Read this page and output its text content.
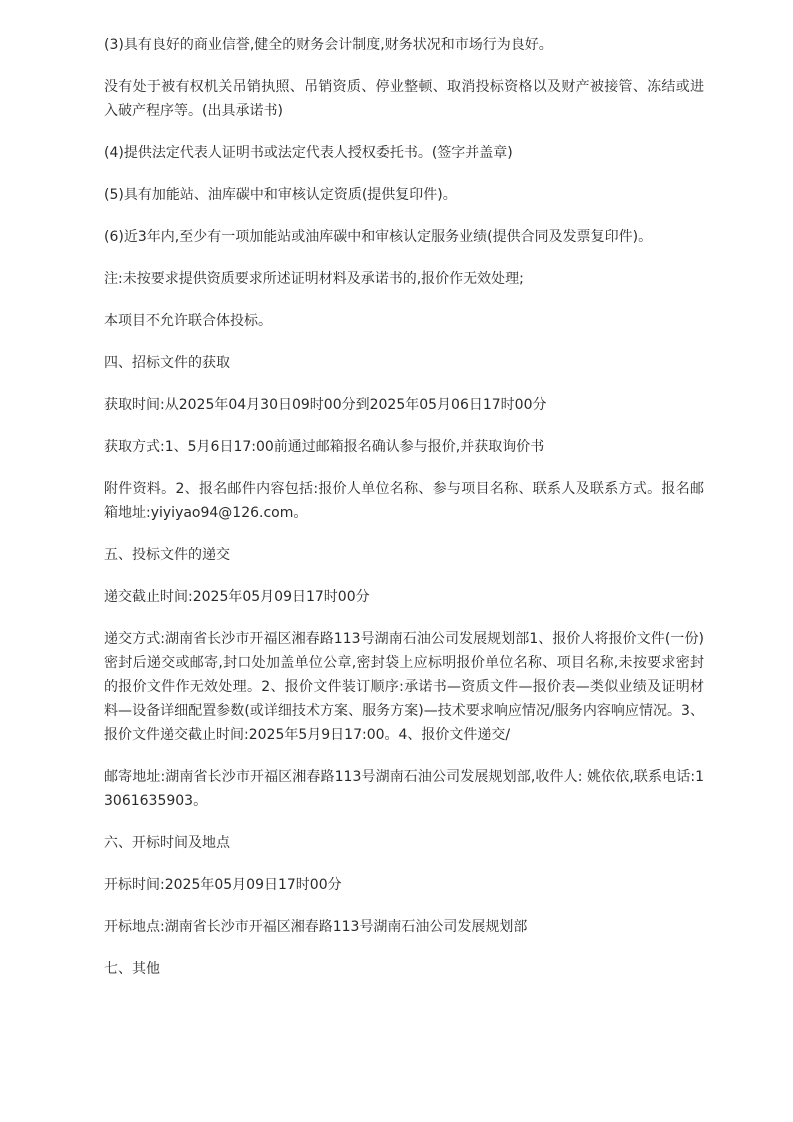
(3)具有良好的商业信誉,健全的财务会计制度,财务状况和市场行为良好。

没有处于被有权机关吊销执照、吊销资质、停业整顿、取消投标资格以及财产被接管、冻结或进入破产程序等。(出具承诺书)

(4)提供法定代表人证明书或法定代表人授权委托书。(签字并盖章)

(5)具有加能站、油库碳中和审核认定资质(提供复印件)。

(6)近3年内,至少有一项加能站或油库碳中和审核认定服务业绩(提供合同及发票复印件)。

注:未按要求提供资质要求所述证明材料及承诺书的,报价作无效处理;

本项目不允许联合体投标。

四、招标文件的获取

获取时间:从2025年04月30日09时00分到2025年05月06日17时00分

获取方式:1、5月6日17:00前通过邮箱报名确认参与报价,并获取询价书

附件资料。2、报名邮件内容包括:报价人单位名称、参与项目名称、联系人及联系方式。报名邮箱地址:yiyiyao94@126.com。

五、投标文件的递交

递交截止时间:2025年05月09日17时00分

递交方式:湖南省长沙市开福区湘春路113号湖南石油公司发展规划部1、报价人将报价文件(一份)密封后递交或邮寄,封口处加盖单位公章,密封袋上应标明报价单位名称、项目名称,未按要求密封的报价文件作无效处理。2、报价文件装订顺序:承诺书—资质文件—报价表—类似业绩及证明材料—设备详细配置参数(或详细技术方案、服务方案)—技术要求响应情况/服务内容响应情况。3、报价文件递交截止时间:2025年5月9日17:00。4、报价文件递交/

邮寄地址:湖南省长沙市开福区湘春路113号湖南石油公司发展规划部,收件人: 姚依依,联系电话:13061635903。

六、开标时间及地点

开标时间:2025年05月09日17时00分

开标地点:湖南省长沙市开福区湘春路113号湖南石油公司发展规划部

七、其他
